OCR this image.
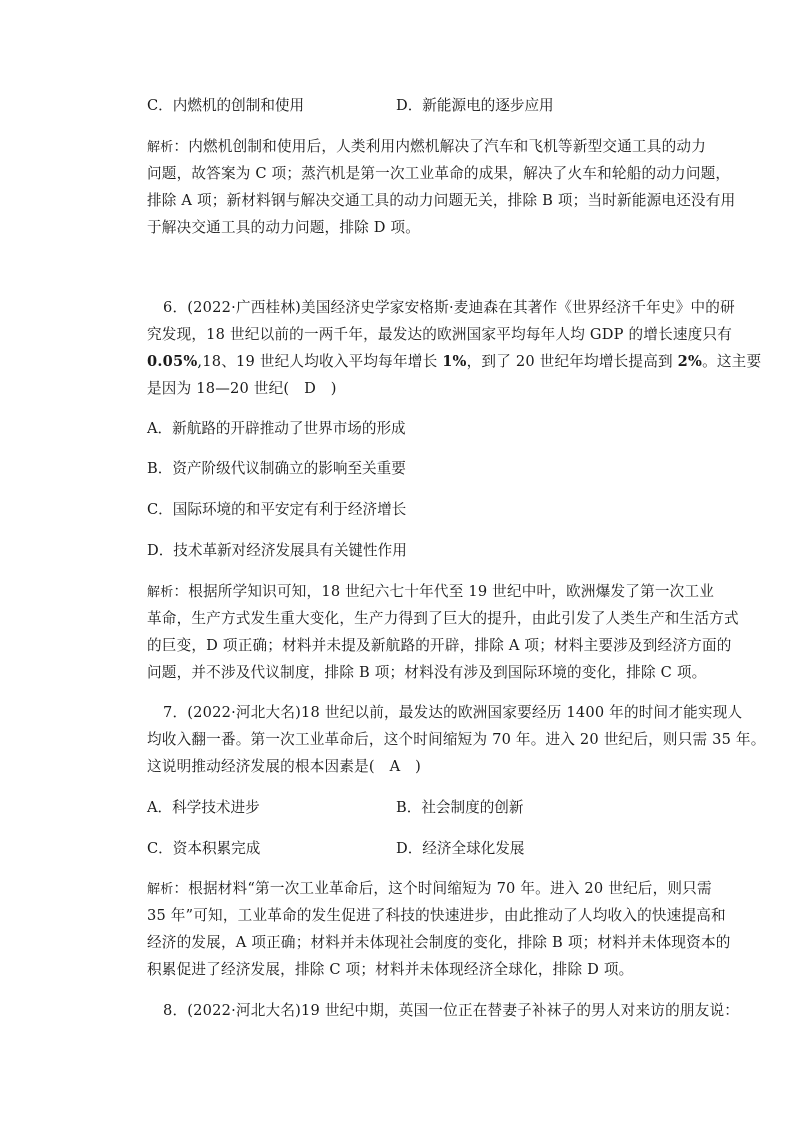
C．内燃机的创制和使用	D．新能源电的逐步应用
解析：内燃机创制和使用后，人类利用内燃机解决了汽车和飞机等新型交通工具的动力
问题，故答案为 C 项；蒸汽机是第一次工业革命的成果，解决了火车和轮船的动力问题，
排除 A 项；新材料钢与解决交通工具的动力问题无关，排除 B 项；当时新能源电还没有用
于解决交通工具的动力问题，排除 D 项。
6．(2022·广西桂林)美国经济史学家安格斯·麦迪森在其著作《世界经济千年史》中的研
究发现，18 世纪以前的一两千年，最发达的欧洲国家平均每年人均 GDP 的增长速度只有
0.05%,18、19 世纪人均收入平均每年增长 1%，到了 20 世纪年均增长提高到 2%。这主要
是因为 18—20 世纪(　D　)
A．新航路的开辟推动了世界市场的形成
B．资产阶级代议制确立的影响至关重要
C．国际环境的和平安定有利于经济增长
D．技术革新对经济发展具有关键性作用
解析：根据所学知识可知，18 世纪六七十年代至 19 世纪中叶，欧洲爆发了第一次工业
革命，生产方式发生重大变化，生产力得到了巨大的提升，由此引发了人类生产和生活方式
的巨变，D 项正确；材料并未提及新航路的开辟，排除 A 项；材料主要涉及到经济方面的
问题，并不涉及代议制度，排除 B 项；材料没有涉及到国际环境的变化，排除 C 项。
7．(2022·河北大名)18 世纪以前，最发达的欧洲国家要经历 1400 年的时间才能实现人
均收入翻一番。第一次工业革命后，这个时间缩短为 70 年。进入 20 世纪后，则只需 35 年。
这说明推动经济发展的根本因素是(　A　)
A．科学技术进步	B．社会制度的创新
C．资本积累完成	D．经济全球化发展
解析：根据材料“第一次工业革命后，这个时间缩短为 70 年。进入 20 世纪后，则只需
35 年”可知，工业革命的发生促进了科技的快速进步，由此推动了人均收入的快速提高和
经济的发展，A 项正确；材料并未体现社会制度的变化，排除 B 项；材料并未体现资本的
积累促进了经济发展，排除 C 项；材料并未体现经济全球化，排除 D 项。
8．(2022·河北大名)19 世纪中期，英国一位正在替妻子补袜子的男人对来访的朋友说：
